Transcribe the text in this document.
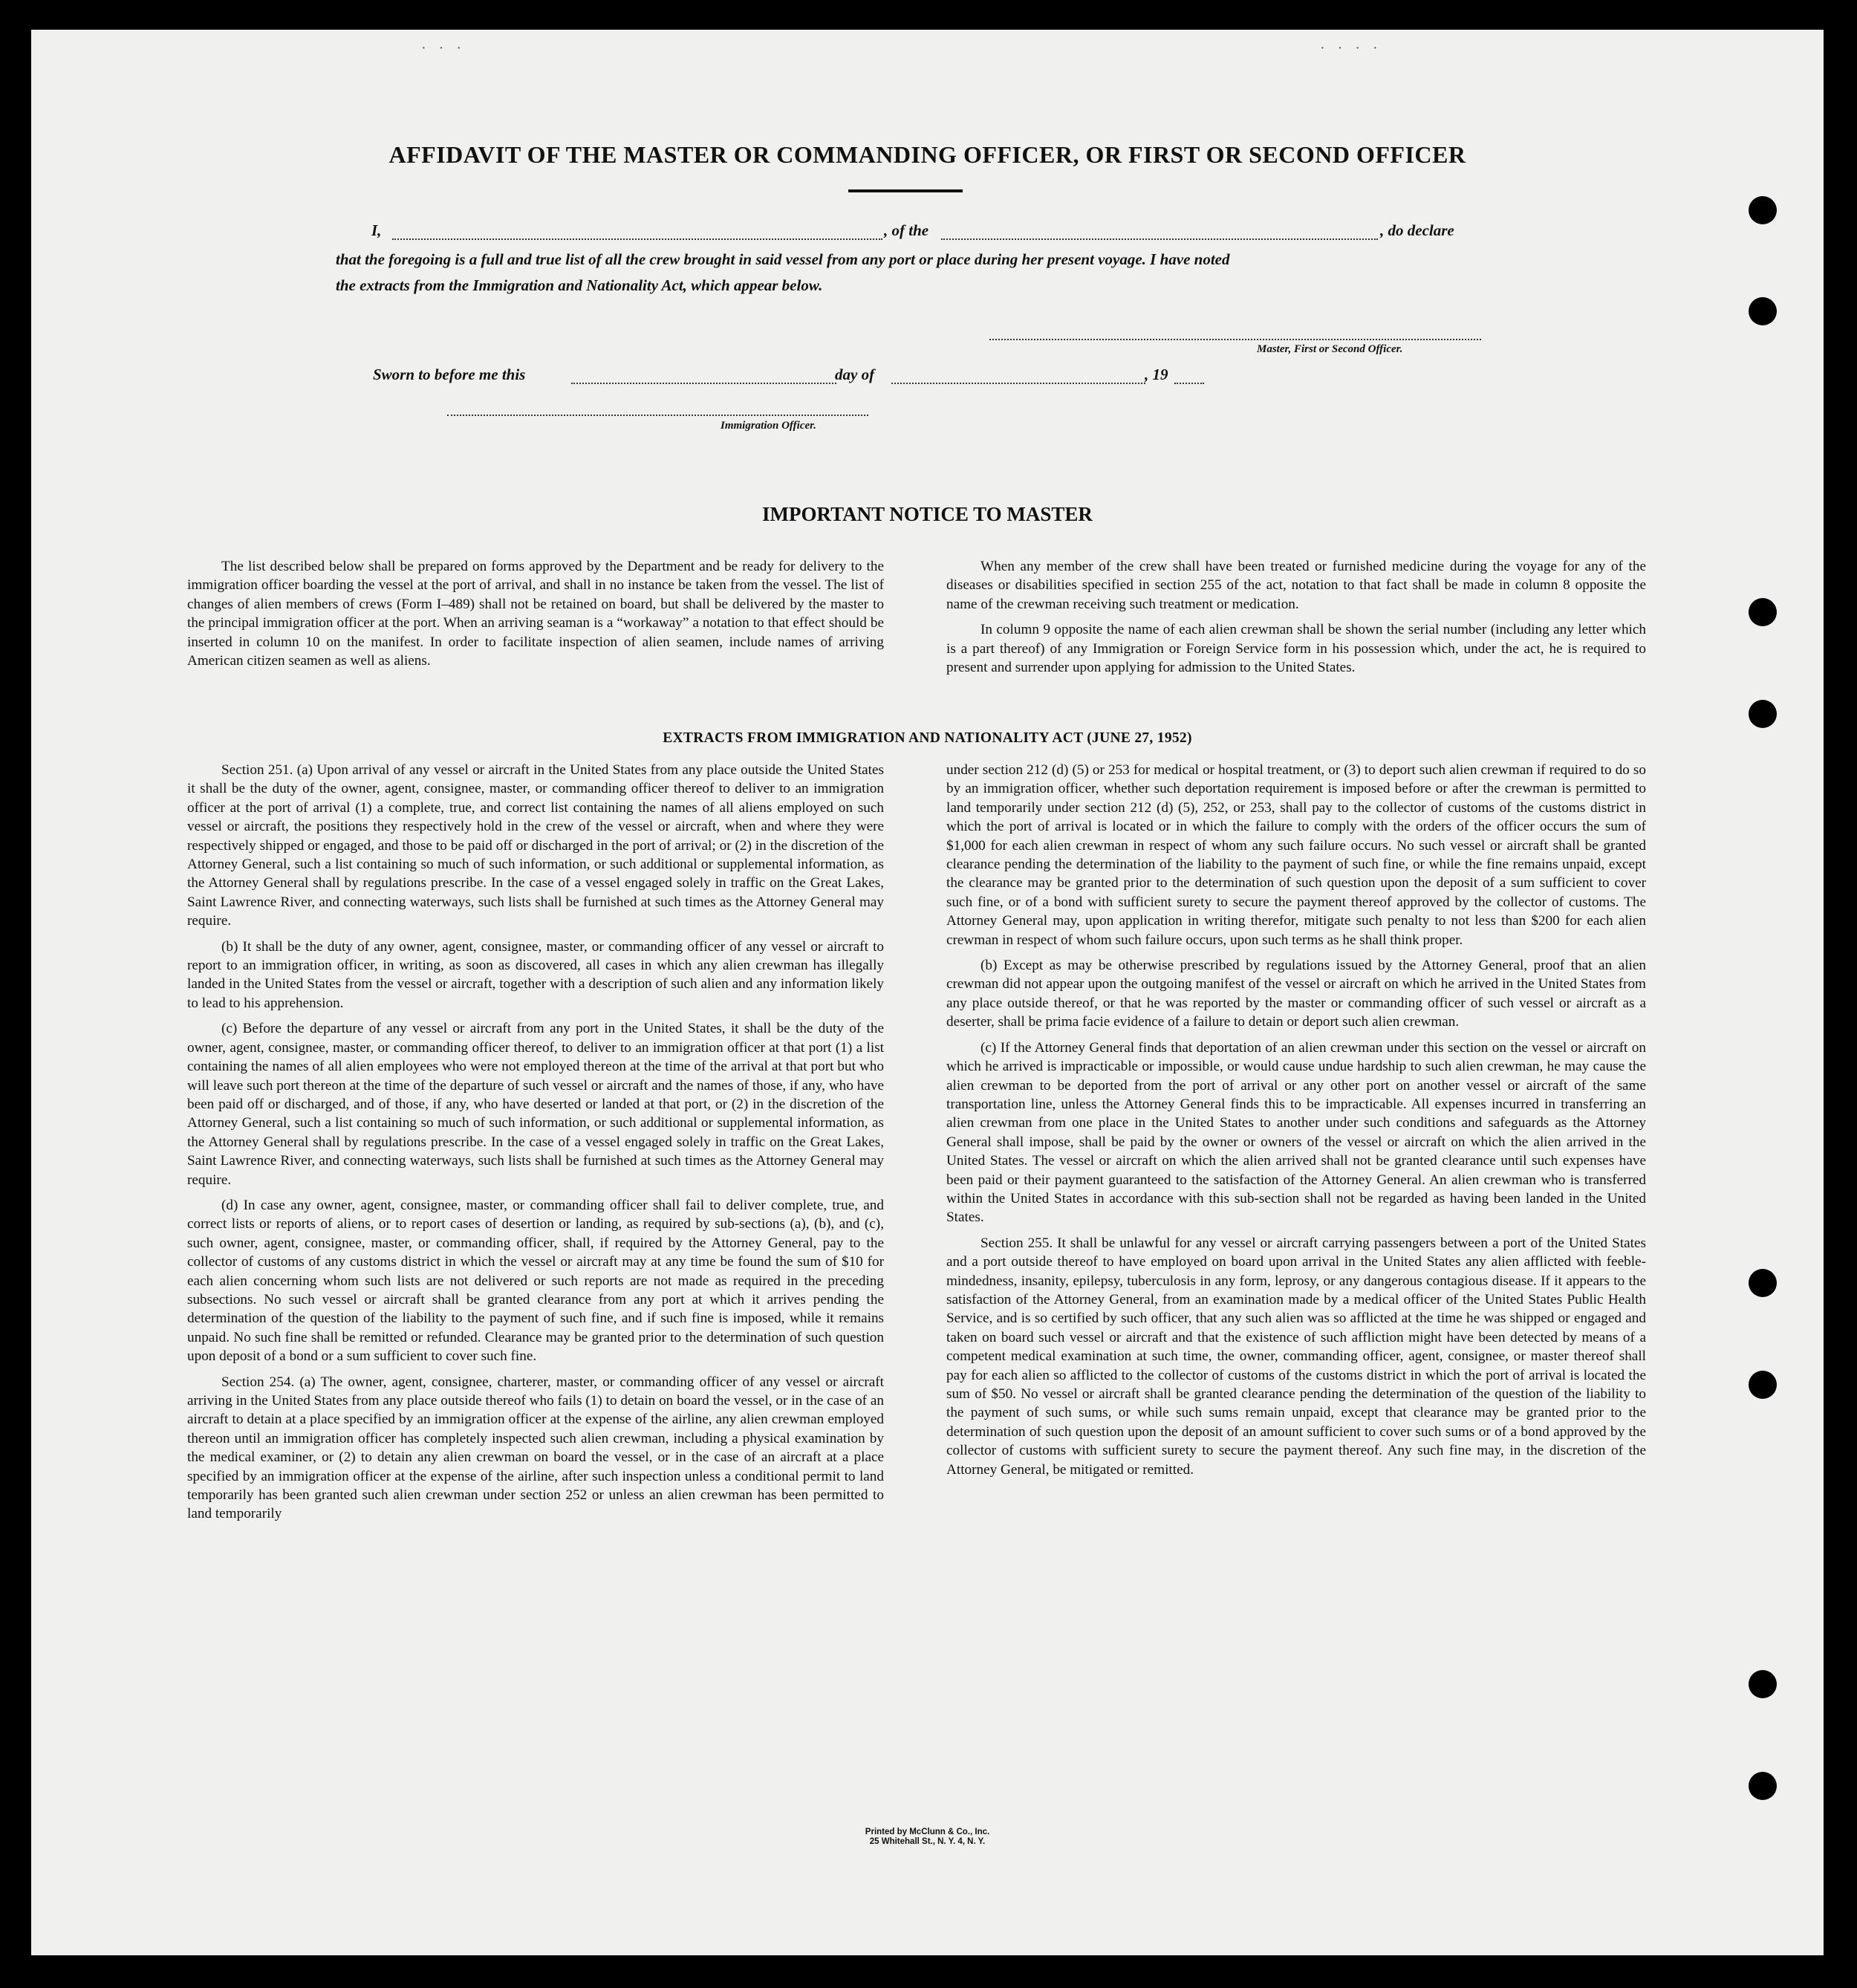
· · ·	· · · ·
AFFIDAVIT OF THE MASTER OR COMMANDING OFFICER, OR FIRST OR SECOND OFFICER
I,	, of the	, do declare
that the foregoing is a full and true list of all the crew brought in said vessel from any port or place during her present voyage. I have noted
the extracts from the Immigration and Nationality Act, which appear below.
Master, First or Second Officer.
Sworn to before me this	day of	, 19
Immigration Officer.
IMPORTANT NOTICE TO MASTER

The list described below shall be prepared on forms approved by the Department and be ready for delivery to the immigration officer boarding the vessel at the port of arrival, and shall in no instance be taken from the vessel. The list of changes of alien members of crews (Form I–489) shall not be retained on board, but shall be delivered by the master to the principal immigration officer at the port. When an arriving seaman is a “workaway” a notation to that effect should be inserted in column 10 on the manifest. In order to facilitate inspection of alien seamen, include names of arriving American citizen seamen as well as aliens.

When any member of the crew shall have been treated or furnished medicine during the voyage for any of the diseases or disabilities specified in section 255 of the act, notation to that fact shall be made in column 8 opposite the name of the crewman receiving such treatment or medication.

In column 9 opposite the name of each alien crewman shall be shown the serial number (including any letter which is a part thereof) of any Immigration or Foreign Service form in his possession which, under the act, he is required to present and surrender upon applying for admission to the United States.

EXTRACTS FROM IMMIGRATION AND NATIONALITY ACT (JUNE 27, 1952)

Section 251. (a) Upon arrival of any vessel or aircraft in the United States from any place outside the United States it shall be the duty of the owner, agent, consignee, master, or commanding officer thereof to deliver to an immigration officer at the port of arrival (1) a complete, true, and correct list containing the names of all aliens employed on such vessel or aircraft, the positions they respectively hold in the crew of the vessel or aircraft, when and where they were respectively shipped or engaged, and those to be paid off or discharged in the port of arrival; or (2) in the discretion of the Attorney General, such a list containing so much of such information, or such additional or supplemental information, as the Attorney General shall by regulations prescribe. In the case of a vessel engaged solely in traffic on the Great Lakes, Saint Lawrence River, and connecting waterways, such lists shall be furnished at such times as the Attorney General may require.

(b) It shall be the duty of any owner, agent, consignee, master, or commanding officer of any vessel or aircraft to report to an immigration officer, in writing, as soon as discovered, all cases in which any alien crewman has illegally landed in the United States from the vessel or aircraft, together with a description of such alien and any information likely to lead to his apprehension.

(c) Before the departure of any vessel or aircraft from any port in the United States, it shall be the duty of the owner, agent, consignee, master, or commanding officer thereof, to deliver to an immigration officer at that port (1) a list containing the names of all alien employees who were not employed thereon at the time of the arrival at that port but who will leave such port thereon at the time of the departure of such vessel or aircraft and the names of those, if any, who have been paid off or discharged, and of those, if any, who have deserted or landed at that port, or (2) in the discretion of the Attorney General, such a list containing so much of such information, or such additional or supplemental information, as the Attorney General shall by regulations prescribe. In the case of a vessel engaged solely in traffic on the Great Lakes, Saint Lawrence River, and connecting waterways, such lists shall be furnished at such times as the Attorney General may require.

(d) In case any owner, agent, consignee, master, or commanding officer shall fail to deliver complete, true, and correct lists or reports of aliens, or to report cases of desertion or landing, as required by sub-sections (a), (b), and (c), such owner, agent, consignee, master, or commanding officer, shall, if required by the Attorney General, pay to the collector of customs of any customs district in which the vessel or aircraft may at any time be found the sum of $10 for each alien concerning whom such lists are not delivered or such reports are not made as required in the preceding subsections. No such vessel or aircraft shall be granted clearance from any port at which it arrives pending the determination of the question of the liability to the payment of such fine, and if such fine is imposed, while it remains unpaid. No such fine shall be remitted or refunded. Clearance may be granted prior to the determination of such question upon deposit of a bond or a sum sufficient to cover such fine.

Section 254. (a) The owner, agent, consignee, charterer, master, or commanding officer of any vessel or aircraft arriving in the United States from any place outside thereof who fails (1) to detain on board the vessel, or in the case of an aircraft to detain at a place specified by an immigration officer at the expense of the airline, any alien crewman employed thereon until an immigration officer has completely inspected such alien crewman, including a physical examination by the medical examiner, or (2) to detain any alien crewman on board the vessel, or in the case of an aircraft at a place specified by an immigration officer at the expense of the airline, after such inspection unless a conditional permit to land temporarily has been granted such alien crewman under section 252 or unless an alien crewman has been permitted to land temporarily

under section 212 (d) (5) or 253 for medical or hospital treatment, or (3) to deport such alien crewman if required to do so by an immigration officer, whether such deportation requirement is imposed before or after the crewman is permitted to land temporarily under section 212 (d) (5), 252, or 253, shall pay to the collector of customs of the customs district in which the port of arrival is located or in which the failure to comply with the orders of the officer occurs the sum of $1,000 for each alien crewman in respect of whom any such failure occurs. No such vessel or aircraft shall be granted clearance pending the determination of the liability to the payment of such fine, or while the fine remains unpaid, except the clearance may be granted prior to the determination of such question upon the deposit of a sum sufficient to cover such fine, or of a bond with sufficient surety to secure the payment thereof approved by the collector of customs. The Attorney General may, upon application in writing therefor, mitigate such penalty to not less than $200 for each alien crewman in respect of whom such failure occurs, upon such terms as he shall think proper.

(b) Except as may be otherwise prescribed by regulations issued by the Attorney General, proof that an alien crewman did not appear upon the outgoing manifest of the vessel or aircraft on which he arrived in the United States from any place outside thereof, or that he was reported by the master or commanding officer of such vessel or aircraft as a deserter, shall be prima facie evidence of a failure to detain or deport such alien crewman.

(c) If the Attorney General finds that deportation of an alien crewman under this section on the vessel or aircraft on which he arrived is impracticable or impossible, or would cause undue hardship to such alien crewman, he may cause the alien crewman to be deported from the port of arrival or any other port on another vessel or aircraft of the same transportation line, unless the Attorney General finds this to be impracticable. All expenses incurred in transferring an alien crewman from one place in the United States to another under such conditions and safeguards as the Attorney General shall impose, shall be paid by the owner or owners of the vessel or aircraft on which the alien arrived in the United States. The vessel or aircraft on which the alien arrived shall not be granted clearance until such expenses have been paid or their payment guaranteed to the satisfaction of the Attorney General. An alien crewman who is transferred within the United States in accordance with this sub-section shall not be regarded as having been landed in the United States.

Section 255. It shall be unlawful for any vessel or aircraft carrying passengers between a port of the United States and a port outside thereof to have employed on board upon arrival in the United States any alien afflicted with feeble-mindedness, insanity, epilepsy, tuberculosis in any form, leprosy, or any dangerous contagious disease. If it appears to the satisfaction of the Attorney General, from an examination made by a medical officer of the United States Public Health Service, and is so certified by such officer, that any such alien was so afflicted at the time he was shipped or engaged and taken on board such vessel or aircraft and that the existence of such affliction might have been detected by means of a competent medical examination at such time, the owner, commanding officer, agent, consignee, or master thereof shall pay for each alien so afflicted to the collector of customs of the customs district in which the port of arrival is located the sum of $50. No vessel or aircraft shall be granted clearance pending the determination of the question of the liability to the payment of such sums, or while such sums remain unpaid, except that clearance may be granted prior to the determination of such question upon the deposit of an amount sufficient to cover such sums or of a bond approved by the collector of customs with sufficient surety to secure the payment thereof. Any such fine may, in the discretion of the Attorney General, be mitigated or remitted.

Printed by McClunn & Co., Inc.
25 Whitehall St., N. Y. 4, N. Y.
